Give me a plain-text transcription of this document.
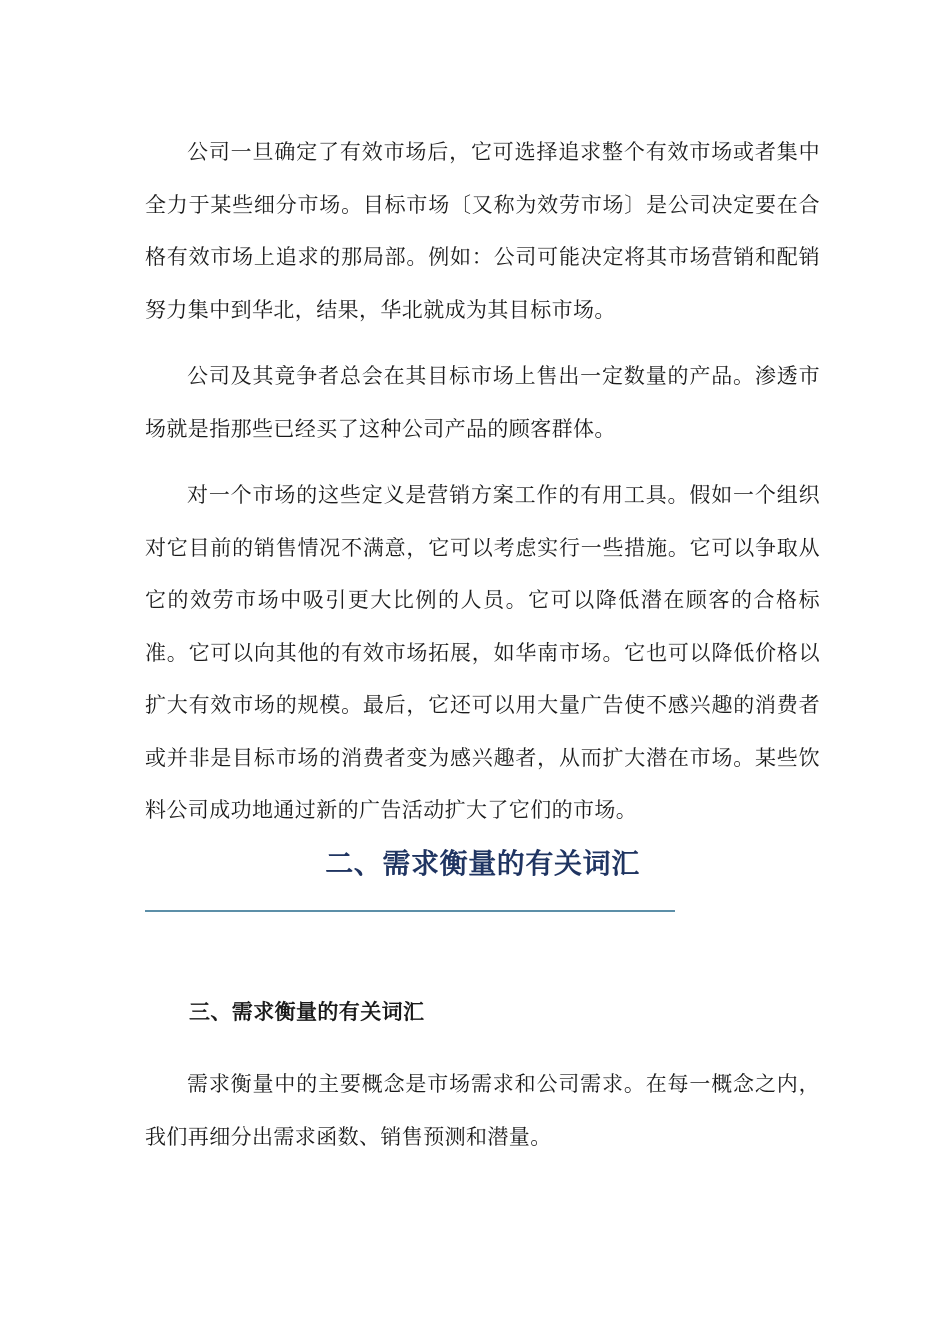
公司一旦确定了有效市场后，它可选择追求整个有效市场或者集中全力于某些细分市场。目标市场〔又称为效劳市场〕是公司决定要在合格有效市场上追求的那局部。例如：公司可能决定将其市场营销和配销努力集中到华北，结果，华北就成为其目标市场。

公司及其竟争者总会在其目标市场上售出一定数量的产品。渗透市场就是指那些已经买了这种公司产品的顾客群体。

对一个市场的这些定义是营销方案工作的有用工具。假如一个组织对它目前的销售情况不满意，它可以考虑实行一些措施。它可以争取从它的效劳市场中吸引更大比例的人员。它可以降低潜在顾客的合格标准。它可以向其他的有效市场拓展，如华南市场。它也可以降低价格以扩大有效市场的规模。最后，它还可以用大量广告使不感兴趣的消费者或并非是目标市场的消费者变为感兴趣者，从而扩大潜在市场。某些饮料公司成功地通过新的广告活动扩大了它们的市场。

二、需求衡量的有关词汇
三、需求衡量的有关词汇

需求衡量中的主要概念是市场需求和公司需求。在每一概念之内，我们再细分出需求函数、销售预测和潜量。
